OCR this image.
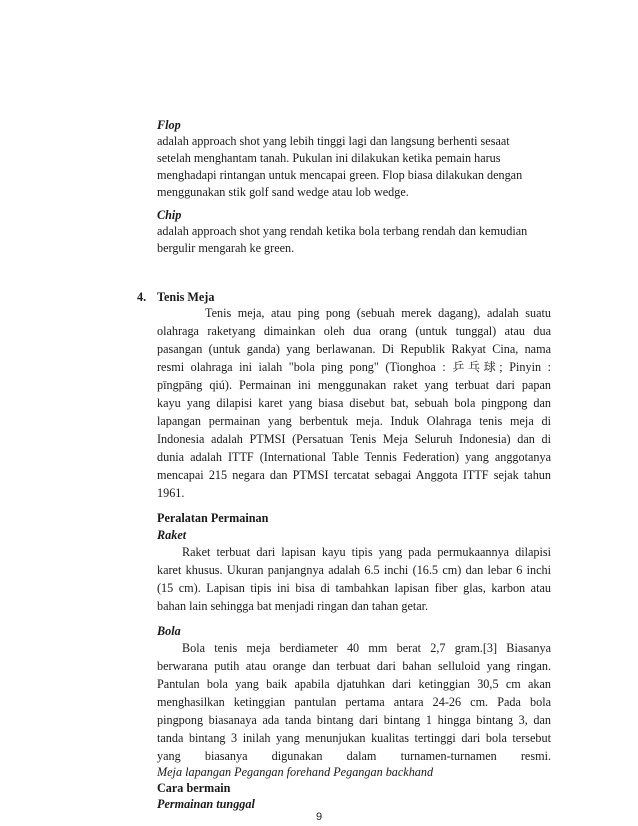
Flop
adalah approach shot yang lebih tinggi lagi dan langsung berhenti sesaat
setelah menghantam tanah. Pukulan ini dilakukan ketika pemain harus
menghadapi rintangan untuk mencapai green. Flop biasa dilakukan dengan
menggunakan stik golf sand wedge atau lob wedge.
Chip
adalah approach shot yang rendah ketika bola terbang rendah dan kemudian
bergulir mengarah ke green.
4. Tenis Meja
Tenis meja, atau ping pong (sebuah merek dagang), adalah suatu
olahraga raketyang dimainkan oleh dua orang (untuk tunggal) atau dua
pasangan (untuk ganda) yang berlawanan. Di Republik Rakyat Cina, nama
resmi olahraga ini ialah "bola ping pong" (Tionghoa : 乒乓球; Pinyin :
pīngpāng qiú). Permainan ini menggunakan raket yang terbuat dari papan
kayu yang dilapisi karet yang biasa disebut bat, sebuah bola pingpong dan
lapangan permainan yang berbentuk meja. Induk Olahraga tenis meja di
Indonesia adalah PTMSI (Persatuan Tenis Meja Seluruh Indonesia) dan di
dunia adalah ITTF (International Table Tennis Federation) yang anggotanya
mencapai 215 negara dan PTMSI tercatat sebagai Anggota ITTF sejak tahun
1961.
Peralatan Permainan
Raket
Raket terbuat dari lapisan kayu tipis yang pada permukaannya dilapisi
karet khusus. Ukuran panjangnya adalah 6.5 inchi (16.5 cm) dan lebar 6 inchi
(15 cm). Lapisan tipis ini bisa di tambahkan lapisan fiber glas, karbon atau
bahan lain sehingga bat menjadi ringan dan tahan getar.
Bola
Bola tenis meja berdiameter 40 mm berat 2,7 gram.[3] Biasanya
berwarana putih atau orange dan terbuat dari bahan selluloid yang ringan.
Pantulan bola yang baik apabila djatuhkan dari ketinggian 30,5 cm akan
menghasilkan ketinggian pantulan pertama antara 24-26 cm. Pada bola
pingpong biasanaya ada tanda bintang dari bintang 1 hingga bintang 3, dan
tanda bintang 3 inilah yang menunjukan kualitas tertinggi dari bola tersebut
yang biasanya digunakan dalam turnamen-turnamen resmi.
Meja lapangan Pegangan forehand Pegangan backhand
Cara bermain
Permainan tunggal
9
